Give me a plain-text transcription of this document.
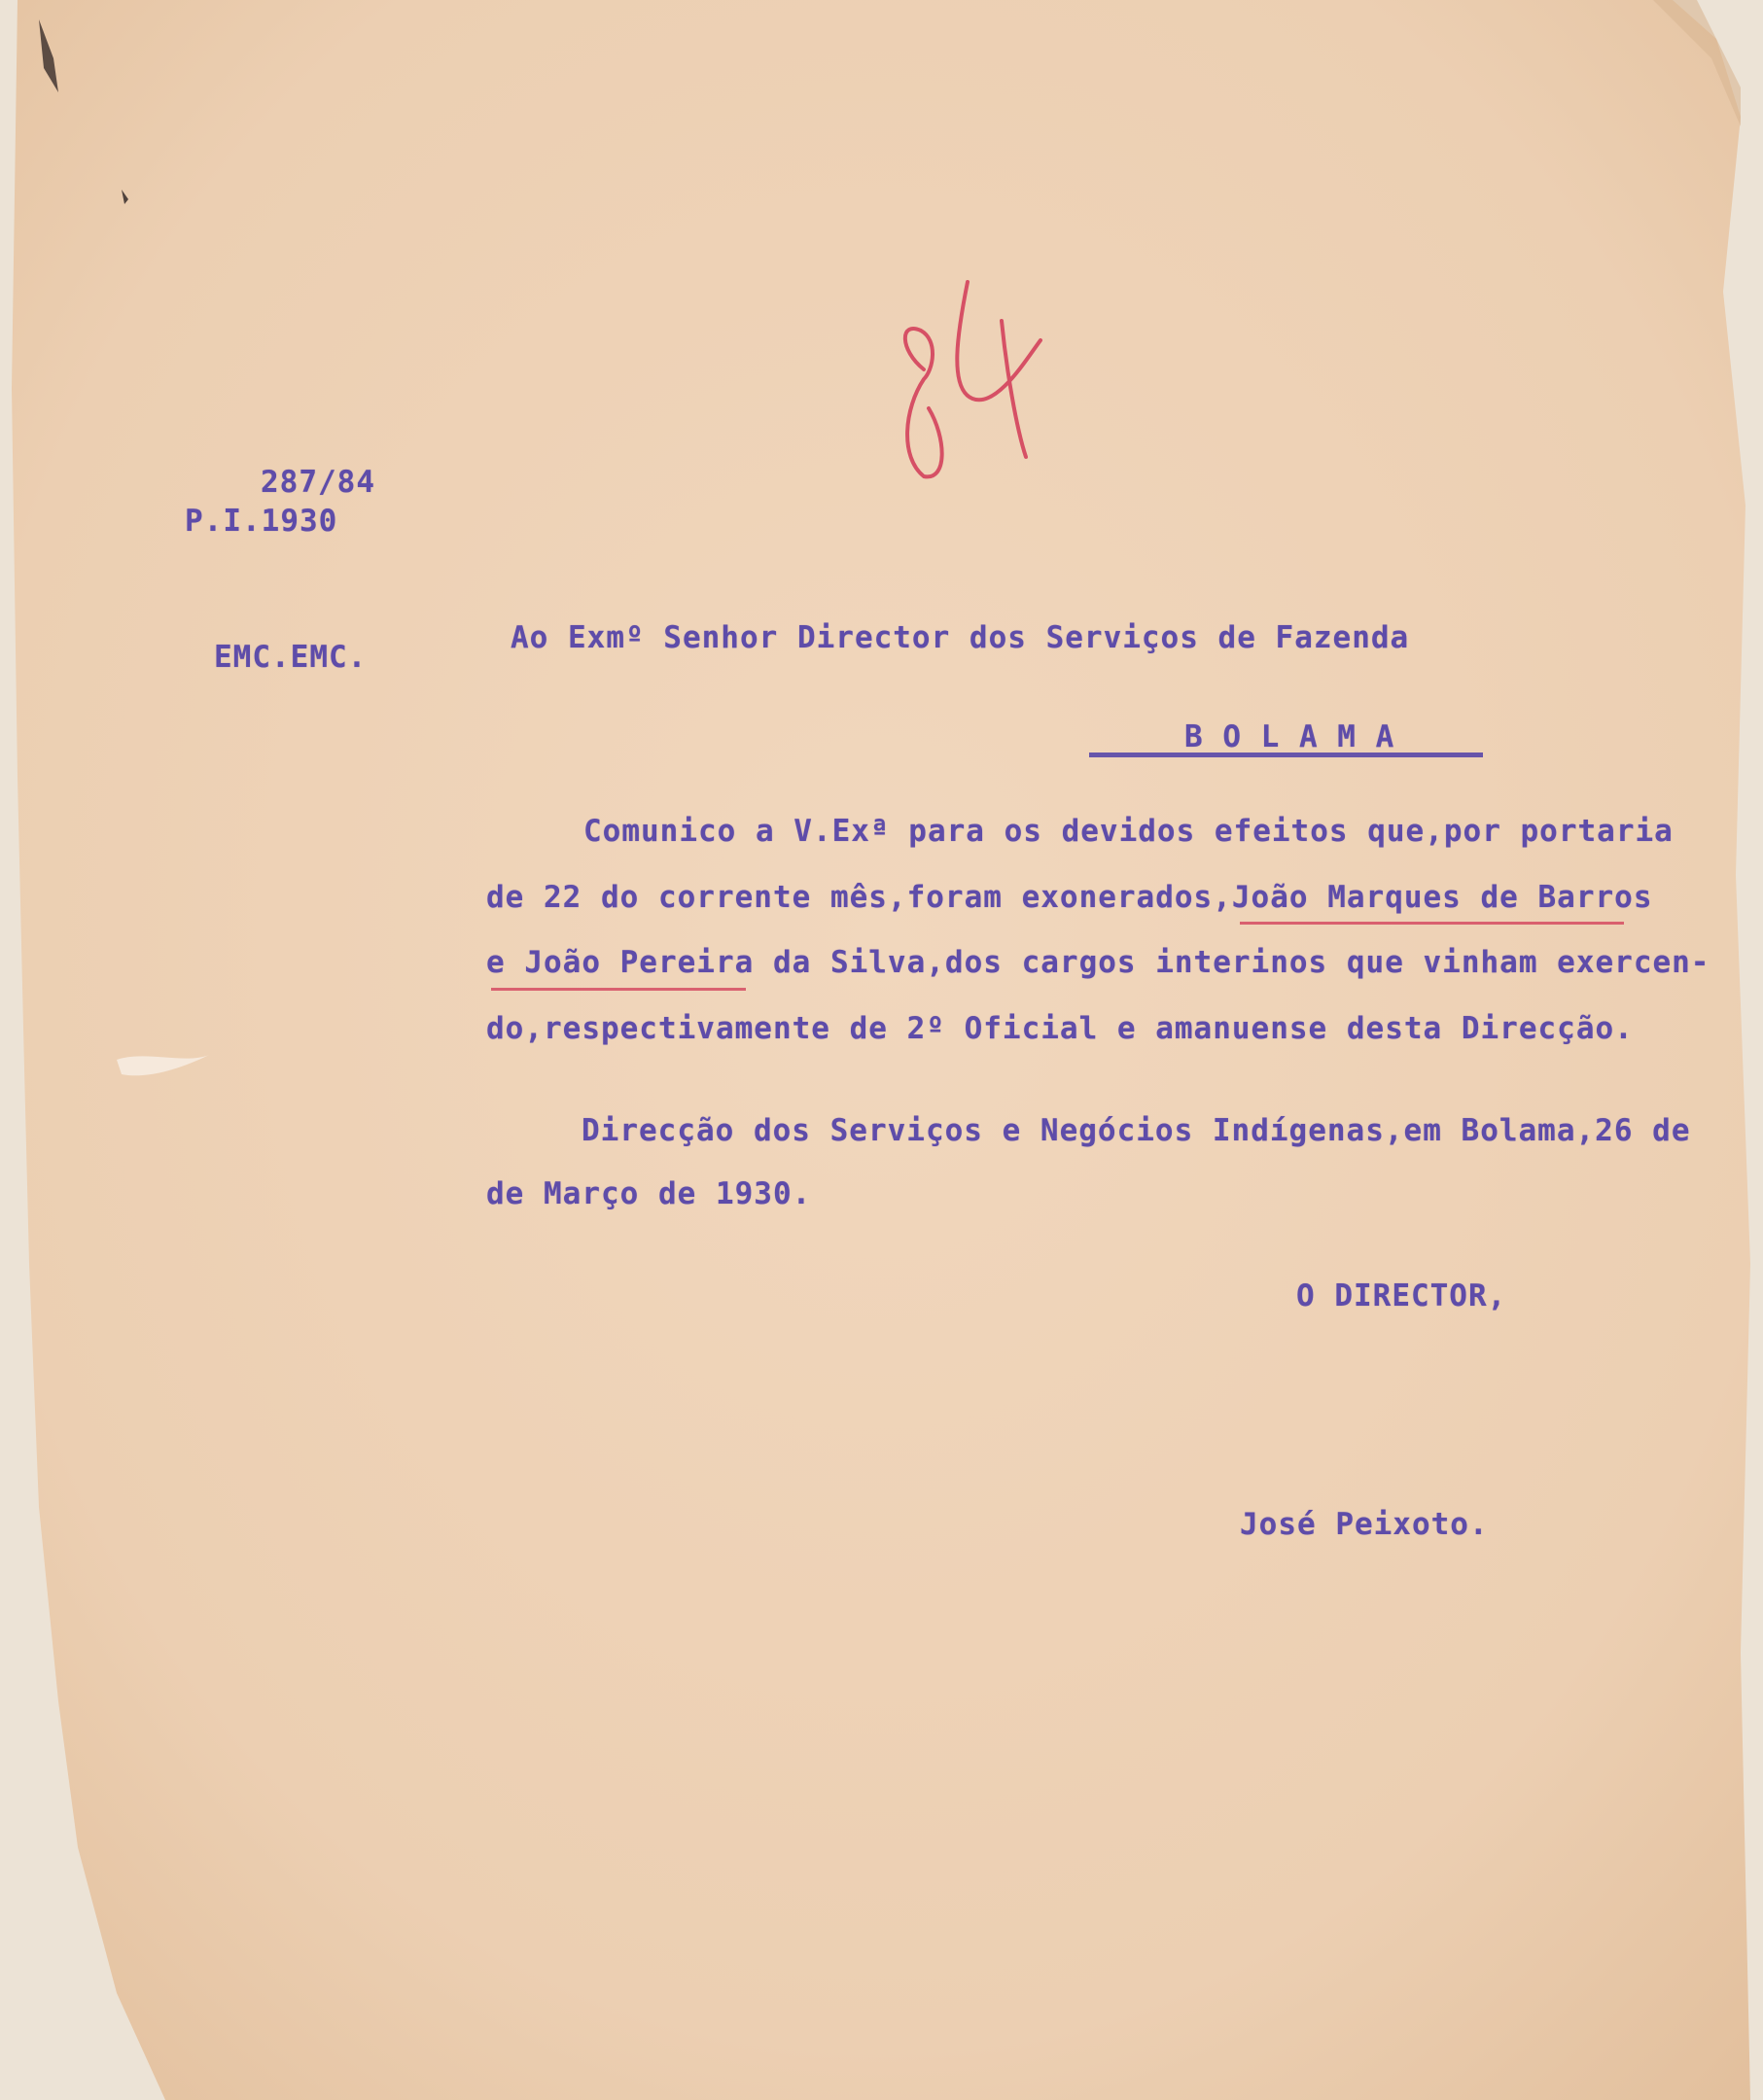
287/84
P.I.1930
EMC.EMC.
Ao Exmº Senhor Director dos Serviços de Fazenda
B O L A M A
Comunico a V.Exª para os devidos efeitos que,por portaria
de 22 do corrente mês,foram exonerados,João Marques de Barros
e João Pereira da Silva,dos cargos interinos que vinham exercen-
do,respectivamente de 2º Oficial e amanuense desta Direcção.
Direcção dos Serviços e Negócios Indígenas,em Bolama,26 de
de Março de 1930.
O DIRECTOR,
José Peixoto.
